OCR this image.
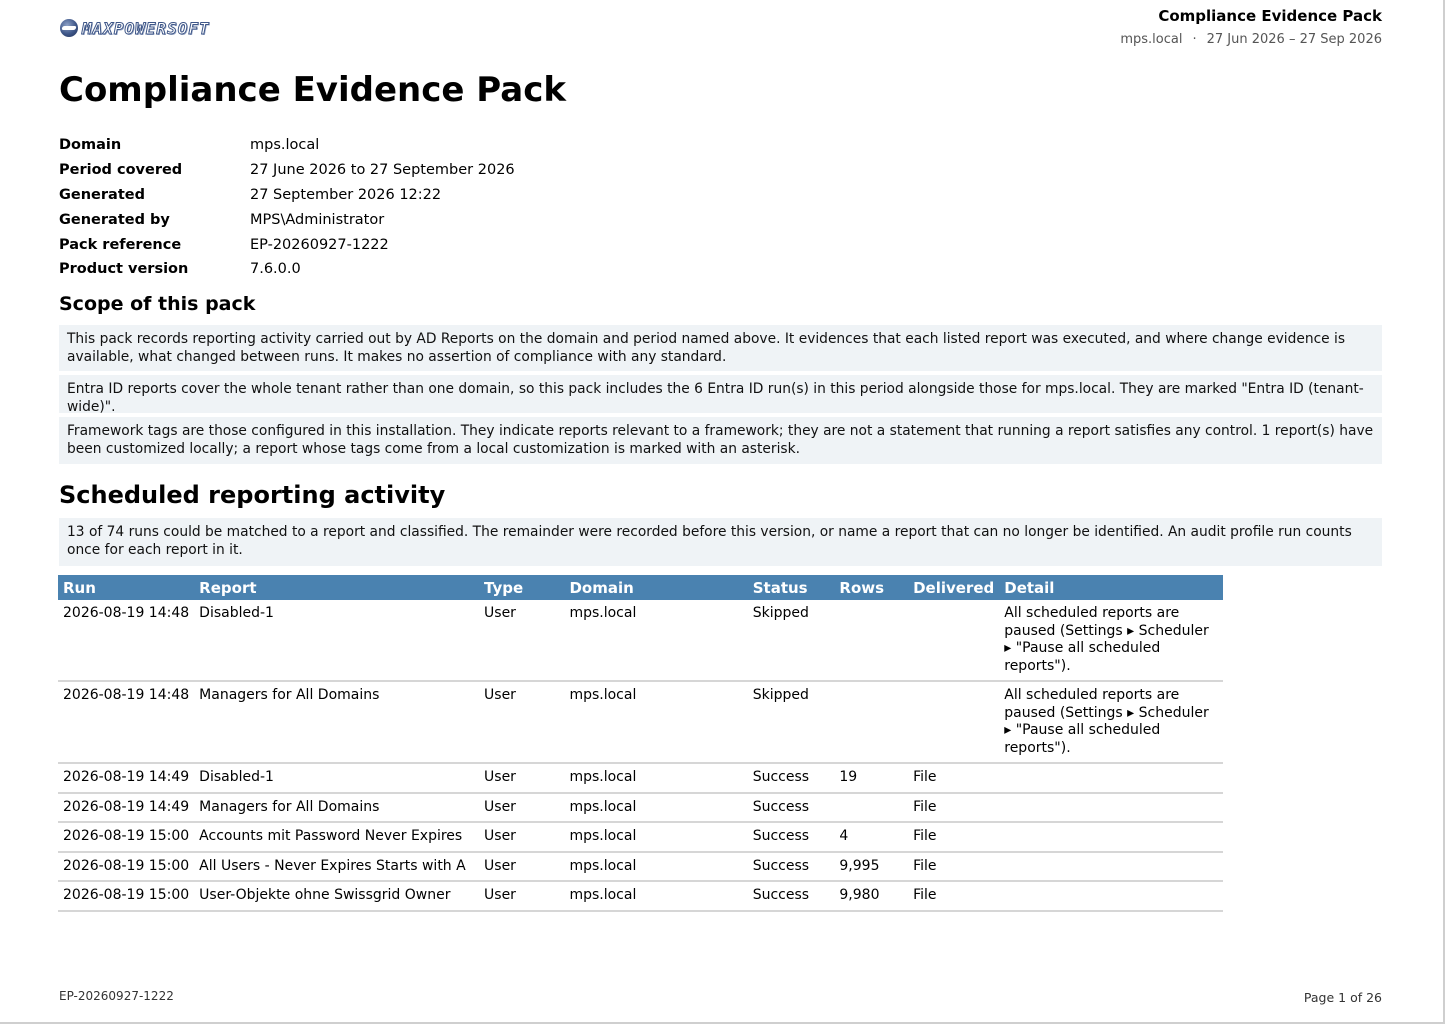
MAXPOWERSOFT
Compliance Evidence Pack
mps.local · 27 Jun 2026 – 27 Sep 2026
Compliance Evidence Pack
Domain	mps.local
Period covered	27 June 2026 to 27 September 2026
Generated	27 September 2026 12:22
Generated by	MPS\Administrator
Pack reference	EP-20260927-1222
Product version	7.6.0.0
Scope of this pack
This pack records reporting activity carried out by AD Reports on the domain and period named above. It evidences that each listed report was executed, and where change evidence is available, what changed between runs. It makes no assertion of compliance with any standard.
Entra ID reports cover the whole tenant rather than one domain, so this pack includes the 6 Entra ID run(s) in this period alongside those for mps.local. They are marked "Entra ID (tenant-wide)".
Framework tags are those configured in this installation. They indicate reports relevant to a framework; they are not a statement that running a report satisfies any control. 1 report(s) have been customized locally; a report whose tags come from a local customization is marked with an asterisk.
Scheduled reporting activity
13 of 74 runs could be matched to a report and classified. The remainder were recorded before this version, or name a report that can no longer be identified. An audit profile run counts once for each report in it.
Run	Report	Type	Domain	Status	Rows	Delivered	Detail
2026-08-19 14:48	Disabled-1	User	mps.local	Skipped			All scheduled reports are paused (Settings ▸ Scheduler ▸ "Pause all scheduled reports").
2026-08-19 14:48	Managers for All Domains	User	mps.local	Skipped			All scheduled reports are paused (Settings ▸ Scheduler ▸ "Pause all scheduled reports").
2026-08-19 14:49	Disabled-1	User	mps.local	Success	19	File	
2026-08-19 14:49	Managers for All Domains	User	mps.local	Success		File	
2026-08-19 15:00	Accounts mit Password Never Expires	User	mps.local	Success	4	File	
2026-08-19 15:00	All Users - Never Expires Starts with A	User	mps.local	Success	9,995	File	
2026-08-19 15:00	User-Objekte ohne Swissgrid Owner	User	mps.local	Success	9,980	File	
EP-20260927-1222	Page 1 of 26
